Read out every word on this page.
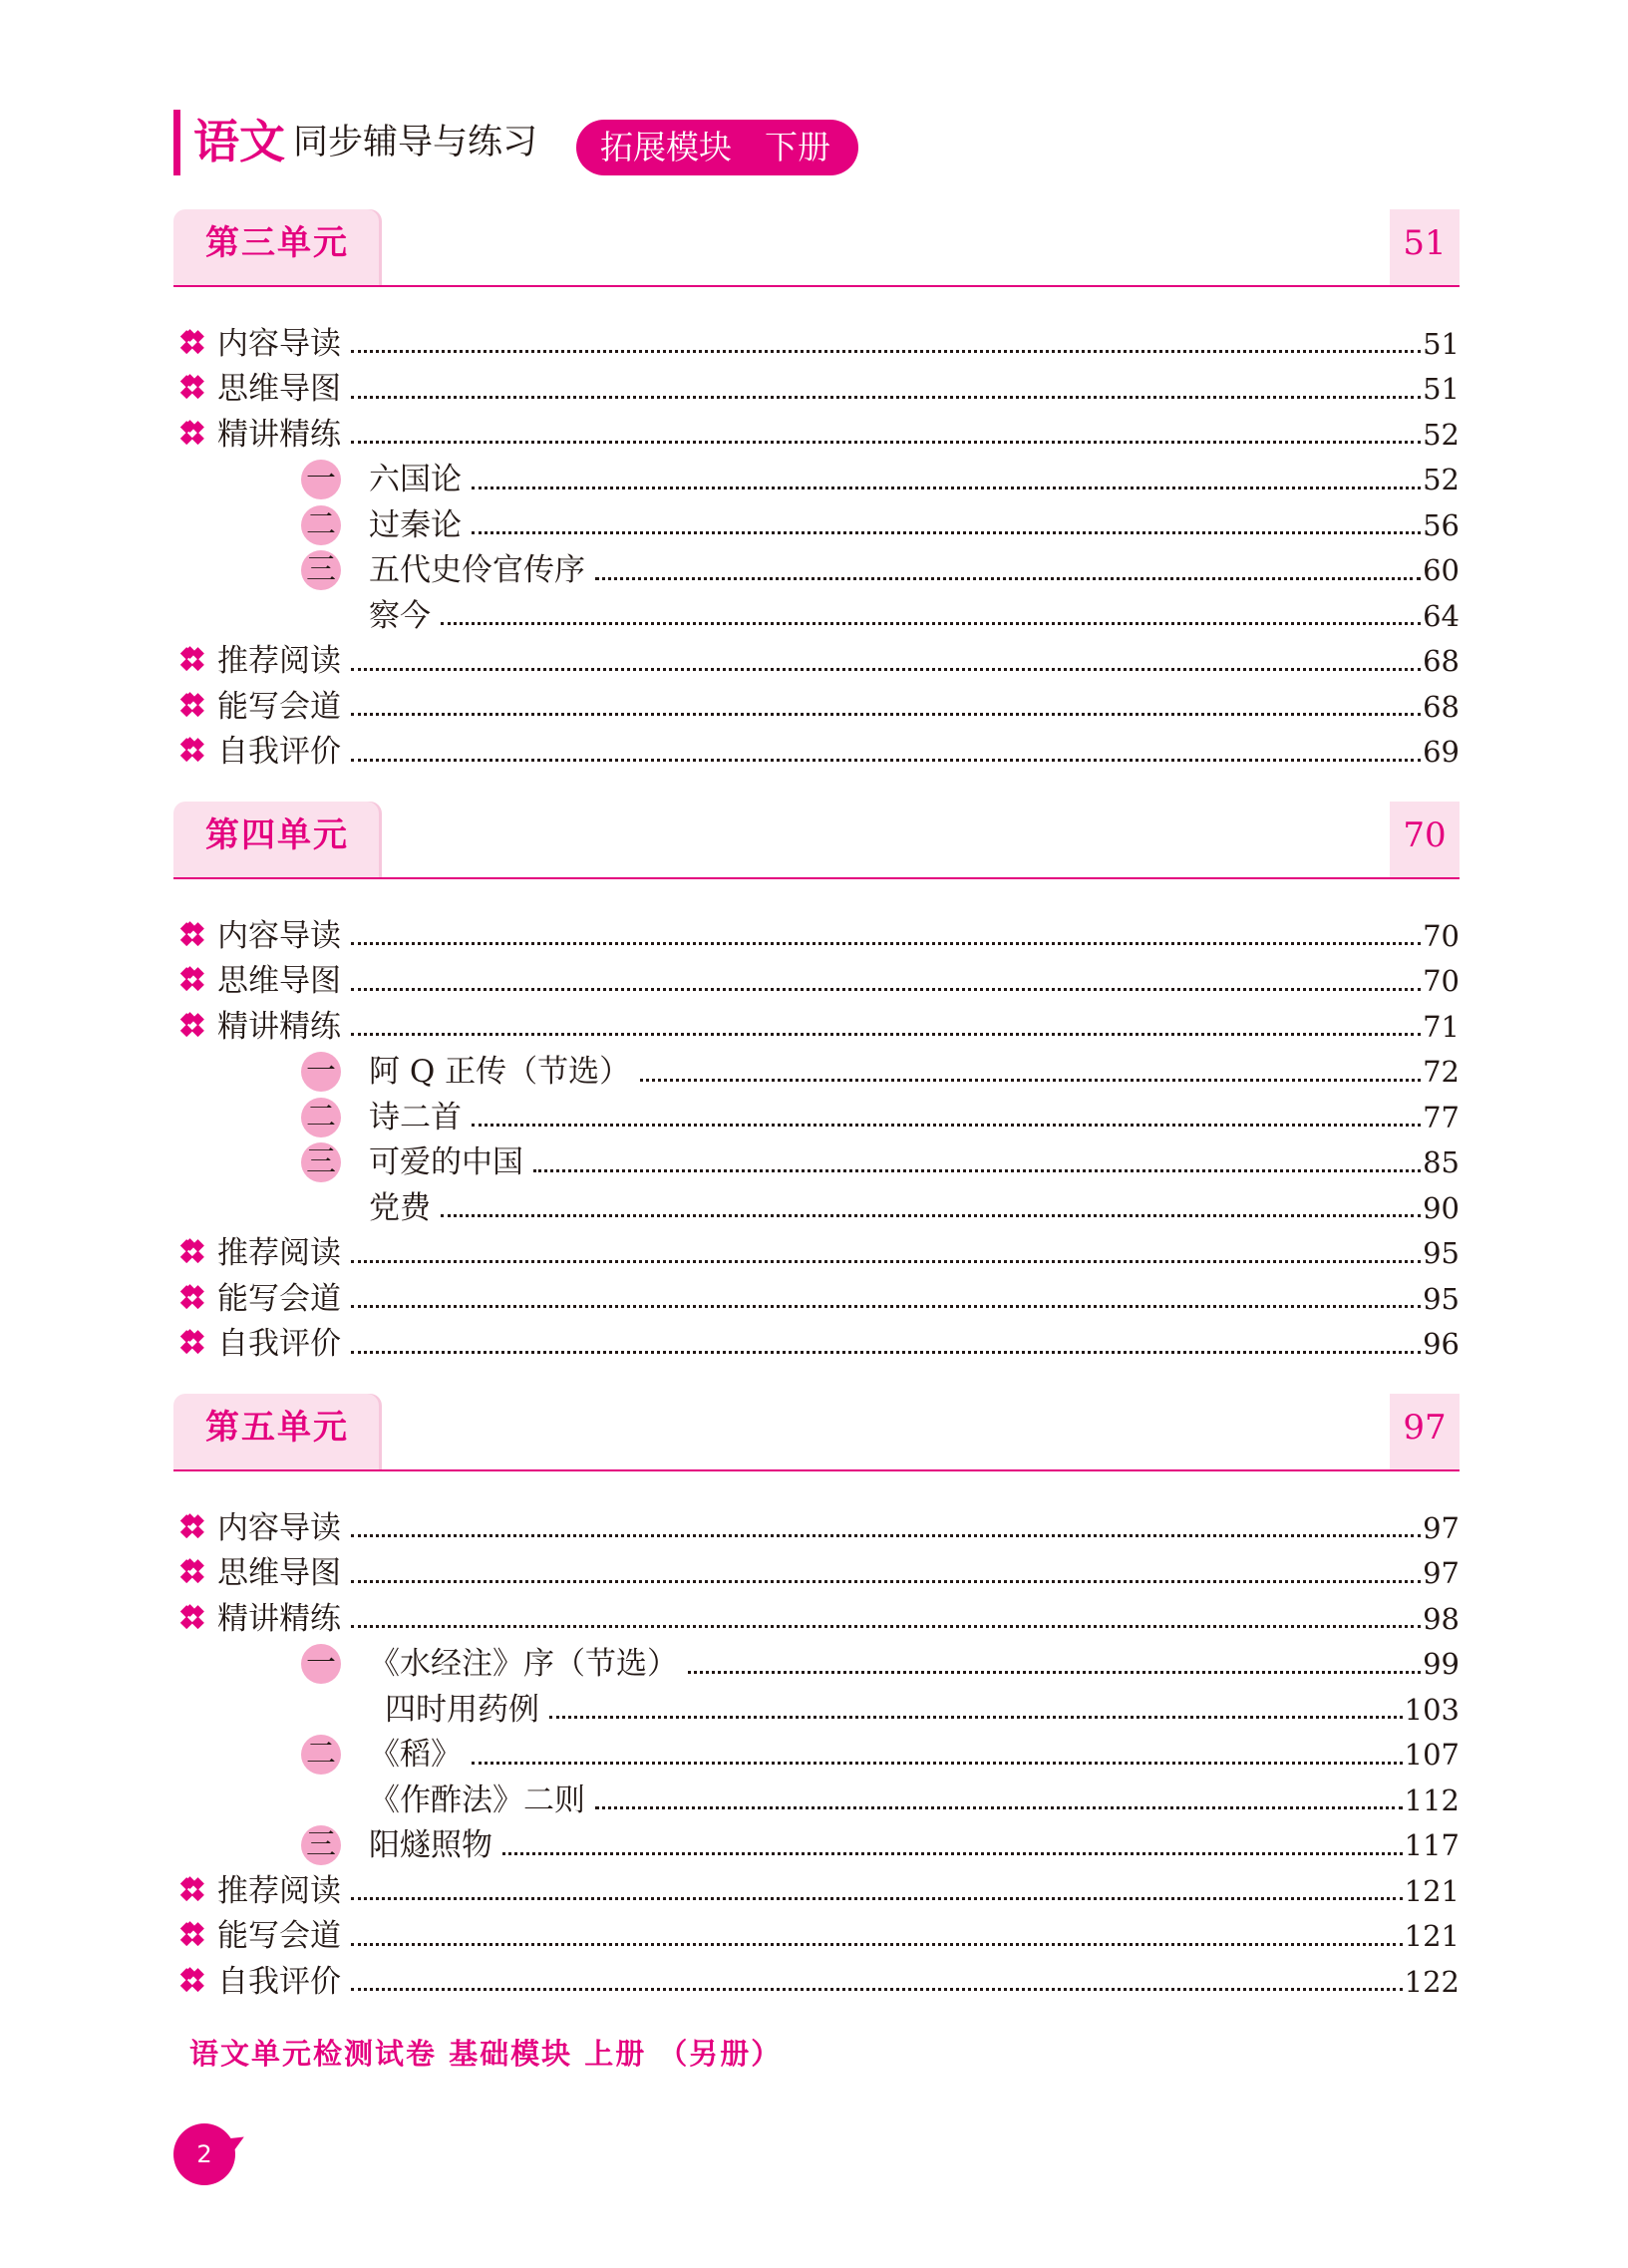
语文 同步辅导与练习	拓展模块　下册
第三单元	51
内容导读	51
思维导图	51
精讲精练	52
一 六国论	52
二 过秦论	56
三 五代史伶官传序	60
察今	64
推荐阅读	68
能写会道	68
自我评价	69
第四单元	70
内容导读	70
思维导图	70
精讲精练	71
一 阿 Q 正传（节选）	72
二 诗二首	77
三 可爱的中国	85
党费	90
推荐阅读	95
能写会道	95
自我评价	96
第五单元	97
内容导读	97
思维导图	97
精讲精练	98
一 《水经注》序（节选）	99
四时用药例	103
二 《稻》	107
《作酢法》二则	112
三 阳燧照物	117
推荐阅读	121
能写会道	121
自我评价	122
语文单元检测试卷 基础模块 上册 （另册）
2
